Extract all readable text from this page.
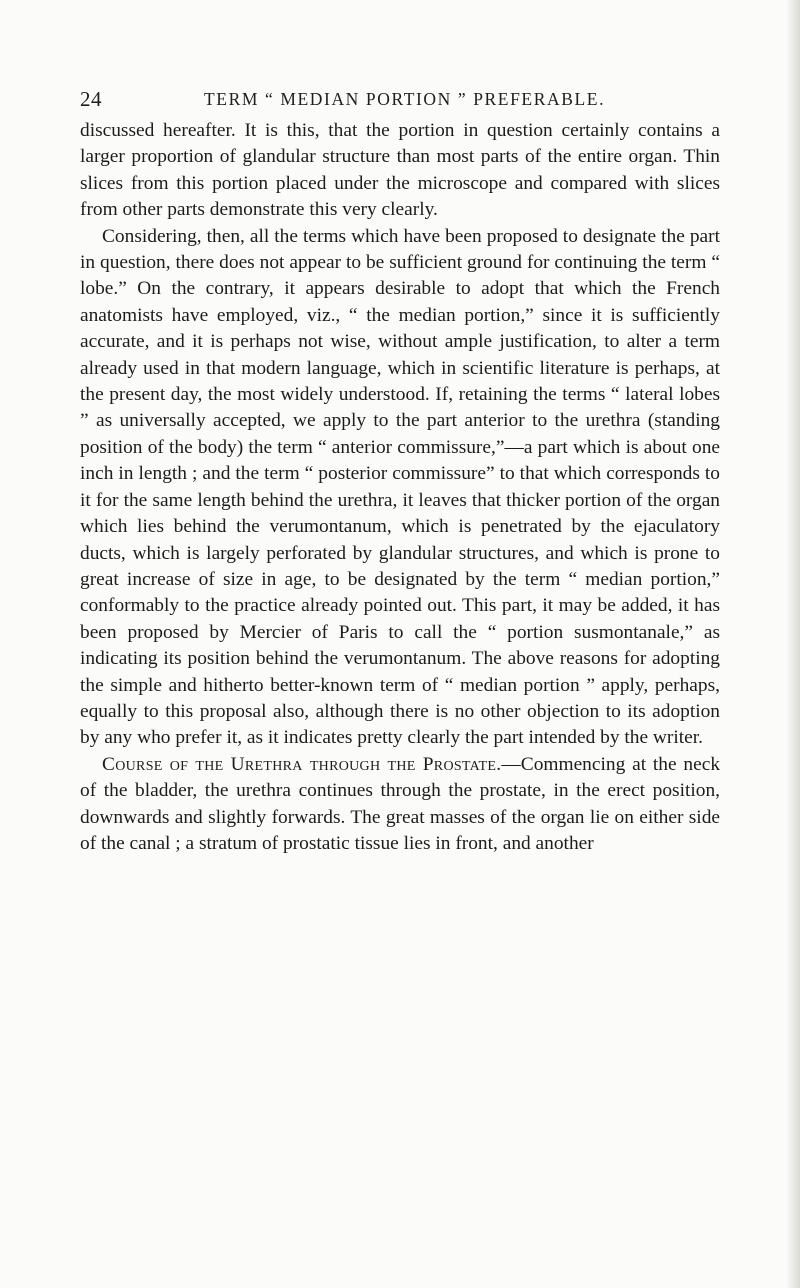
24	TERM “ MEDIAN PORTION ” PREFERABLE.

discussed hereafter. It is this, that the portion in question certainly contains a larger proportion of glandular structure than most parts of the entire organ. Thin slices from this portion placed under the microscope and compared with slices from other parts demonstrate this very clearly.

Considering, then, all the terms which have been proposed to designate the part in question, there does not appear to be sufficient ground for continuing the term “ lobe.” On the contrary, it appears desirable to adopt that which the French anatomists have employed, viz., “ the median portion,” since it is sufficiently accurate, and it is perhaps not wise, without ample justification, to alter a term already used in that modern language, which in scientific literature is perhaps, at the present day, the most widely understood. If, retaining the terms “ lateral lobes ” as universally accepted, we apply to the part anterior to the urethra (standing position of the body) the term “ anterior commissure,”—a part which is about one inch in length ; and the term “ posterior commissure” to that which corresponds to it for the same length behind the urethra, it leaves that thicker portion of the organ which lies behind the verumontanum, which is penetrated by the ejaculatory ducts, which is largely perforated by glandular structures, and which is prone to great increase of size in age, to be designated by the term “ median portion,” conformably to the practice already pointed out. This part, it may be added, it has been proposed by Mercier of Paris to call the “ portion susmontanale,” as indicating its position behind the verumontanum. The above reasons for adopting the simple and hitherto better-known term of “ median portion ” apply, perhaps, equally to this proposal also, although there is no other objection to its adoption by any who prefer it, as it indicates pretty clearly the part intended by the writer.

Course of the Urethra through the Prostate.—Commencing at the neck of the bladder, the urethra continues through the prostate, in the erect position, downwards and slightly forwards. The great masses of the organ lie on either side of the canal ; a stratum of prostatic tissue lies in front, and another
